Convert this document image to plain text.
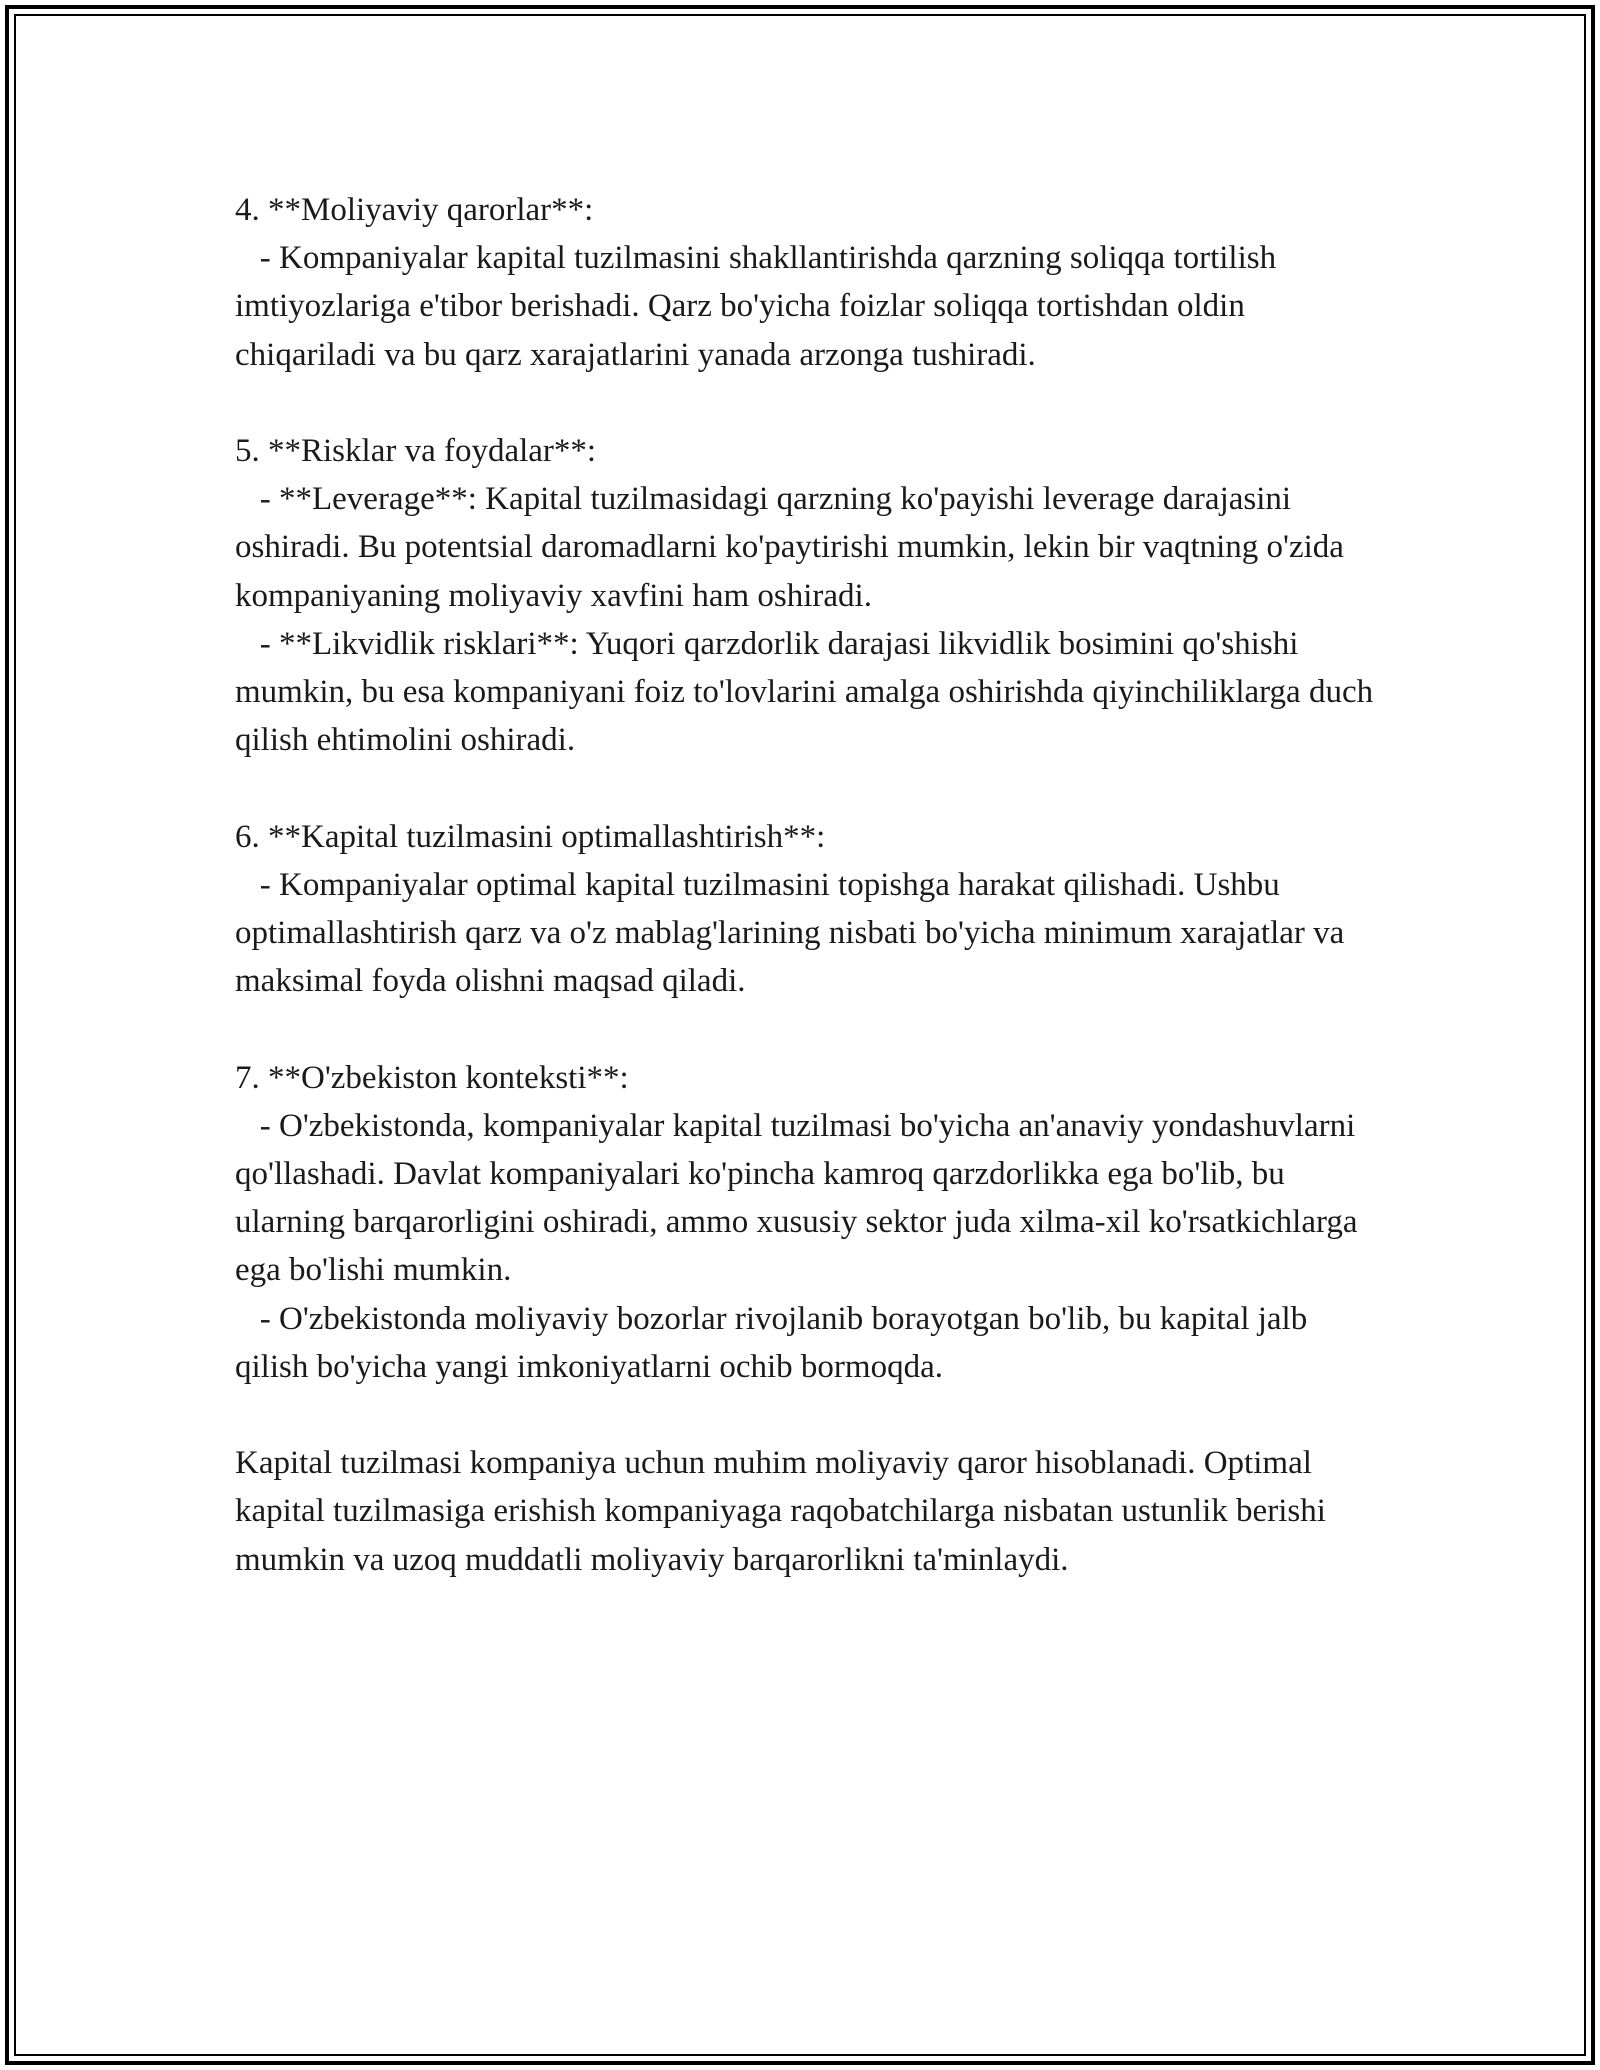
4. **Moliyaviy qarorlar**:

- Kompaniyalar kapital tuzilmasini shakllantirishda qarzning soliqqa tortilish imtiyozlariga e'tibor berishadi. Qarz bo'yicha foizlar soliqqa tortishdan oldin chiqariladi va bu qarz xarajatlarini yanada arzonga tushiradi.

5. **Risklar va foydalar**:

- **Leverage**: Kapital tuzilmasidagi qarzning ko'payishi leverage darajasini oshiradi. Bu potentsial daromadlarni ko'paytirishi mumkin, lekin bir vaqtning o'zida kompaniyaning moliyaviy xavfini ham oshiradi.

- **Likvidlik risklari**: Yuqori qarzdorlik darajasi likvidlik bosimini qo'shishi mumkin, bu esa kompaniyani foiz to'lovlarini amalga oshirishda qiyinchiliklarga duch qilish ehtimolini oshiradi.

6. **Kapital tuzilmasini optimallashtirish**:

- Kompaniyalar optimal kapital tuzilmasini topishga harakat qilishadi. Ushbu optimallashtirish qarz va o'z mablag'larining nisbati bo'yicha minimum xarajatlar va maksimal foyda olishni maqsad qiladi.

7. **O'zbekiston konteksti**:

- O'zbekistonda, kompaniyalar kapital tuzilmasi bo'yicha an'anaviy yondashuvlarni qo'llashadi. Davlat kompaniyalari ko'pincha kamroq qarzdorlikka ega bo'lib, bu ularning barqarorligini oshiradi, ammo xususiy sektor juda xilma-xil ko'rsatkichlarga ega bo'lishi mumkin.

- O'zbekistonda moliyaviy bozorlar rivojlanib borayotgan bo'lib, bu kapital jalb qilish bo'yicha yangi imkoniyatlarni ochib bormoqda.

Kapital tuzilmasi kompaniya uchun muhim moliyaviy qaror hisoblanadi. Optimal kapital tuzilmasiga erishish kompaniyaga raqobatchilarga nisbatan ustunlik berishi mumkin va uzoq muddatli moliyaviy barqarorlikni ta'minlaydi.
